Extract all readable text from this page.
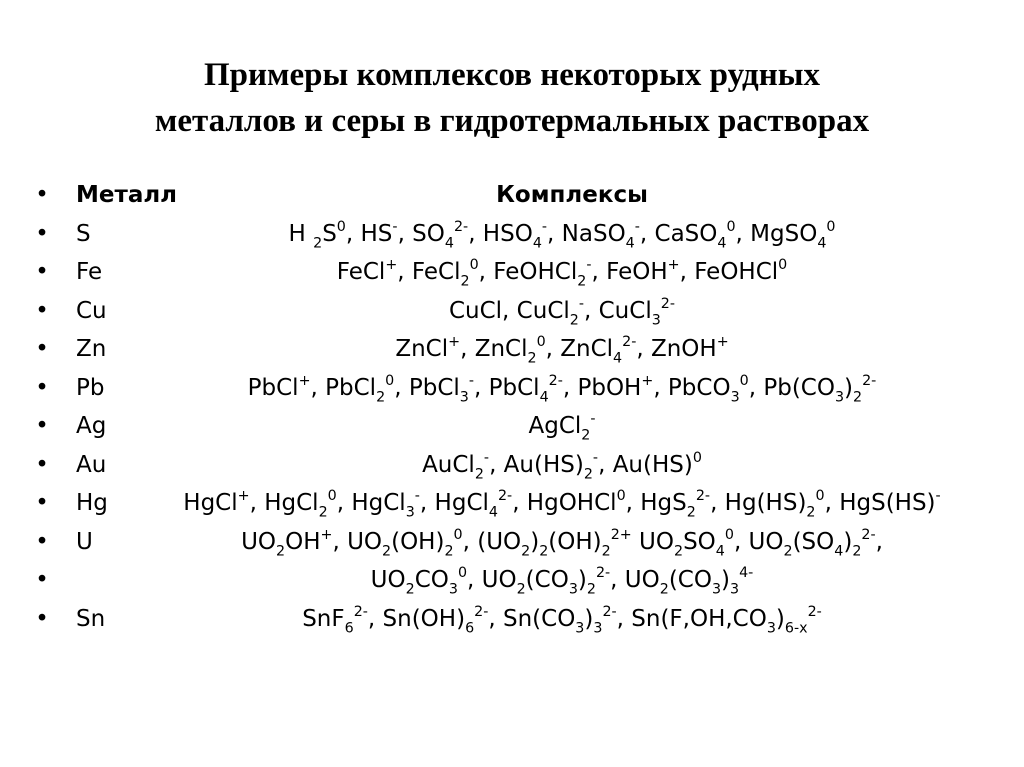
Примеры комплексов некоторых рудных
металлов и серы в гидротермальных растворах
• Металл	Комплексы
• S	H $_2S^0$, HS-, $SO_4^{2-}$, $HSO_4^-$, NaSO$_4$-, CaSO$_4^0$, MgSO$_4^0$
• Fe	FeCl+, FeCl$_2^0$, FeOHCl$_2$-, FeOH+, FeOHCl$^0$
• Cu	CuCl, CuCl$_2$-, CuCl$_3^{2-}$
• Zn	ZnCl+, ZnCl$_2^0$, ZnCl$_4^{2-}$, ZnOH+
• Pb	PbCl+, PbCl$_2^0$, PbCl$_3$-, PbCl$_4^{2-}$, PbOH+, PbCO$_3^0$, $Pb(CO_3)_2^{2-}$
• Ag	AgCl$_2$-
• Au	AuCl$_2$-, $Au(HS)_2^-$, Au(HS)$^0$
• Hg	HgCl+, HgCl$_2^0$, HgCl$_3$-, HgCl$_4^{2-}$, HgOHCl$^0$, HgS$_2^{2-}$, $Hg(HS)_2^0$, HgS(HS)-
• U	$UO_2OH^+$, $UO_2(OH)_2^0$, $(UO_2)_2(OH)_2^{2+}$ $UO_2SO_4^0$, $UO_2(SO_4)_2^{2-}$,
•	$UO_2CO_3^0$, $UO_2(CO_3)_2^{2-}$, $UO_2(CO_3)_3^{4-}$
• Sn	SnF$_6^{2-}$, $Sn(OH)_6^{2-}$, $Sn(CO_3)_3^{2-}$, $Sn(F,OH,CO_3)_{6-x}^{2-}$
